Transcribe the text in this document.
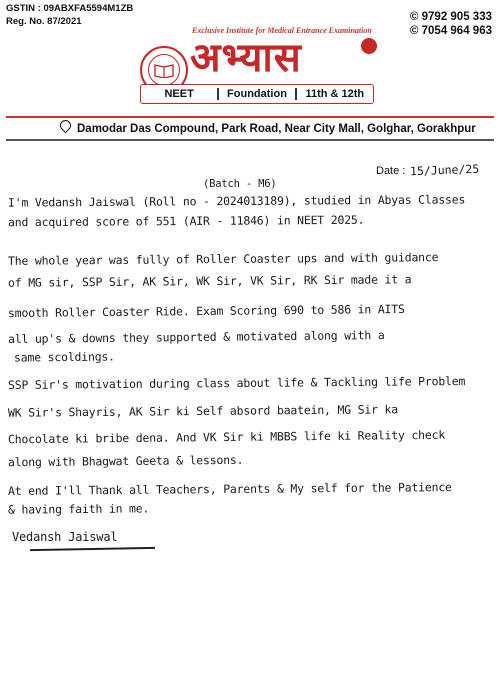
GSTIN : 09ABXFA5594M1ZB
Reg. No. 87/2021	© 9792 905 333
© 7054 964 963
Exclusive Institute for Medical Entrance Examination
अभ्यास
NEET	Foundation	11th & 12th
Damodar Das Compound, Park Road, Near City Mall, Golghar, Gorakhpur
Date : 15/June/25
(Batch - M6)
I'm Vedansh Jaiswal (Roll no - 2024013189), studied in Abyas Classes
and acquired score of 551 (AIR - 11846) in NEET 2025.
The whole year was fully of Roller Coaster ups and with guidance
of MG sir, SSP Sir, AK Sir, WK Sir, VK Sir, RK Sir made it a
smooth Roller Coaster Ride. Exam Scoring 690 to 586 in AITS
all up's & downs they supported & motivated along with a
same scoldings.
SSP Sir's motivation during class about life & Tackling life Problem
WK Sir's Shayris, AK Sir ki Self absord baatein, MG Sir ka
Chocolate ki bribe dena. And VK Sir ki MBBS life ki Reality check
along with Bhagwat Geeta & lessons.
At end I'll Thank all Teachers, Parents & My self for the Patience
& having faith in me.
Vedansh Jaiswal
